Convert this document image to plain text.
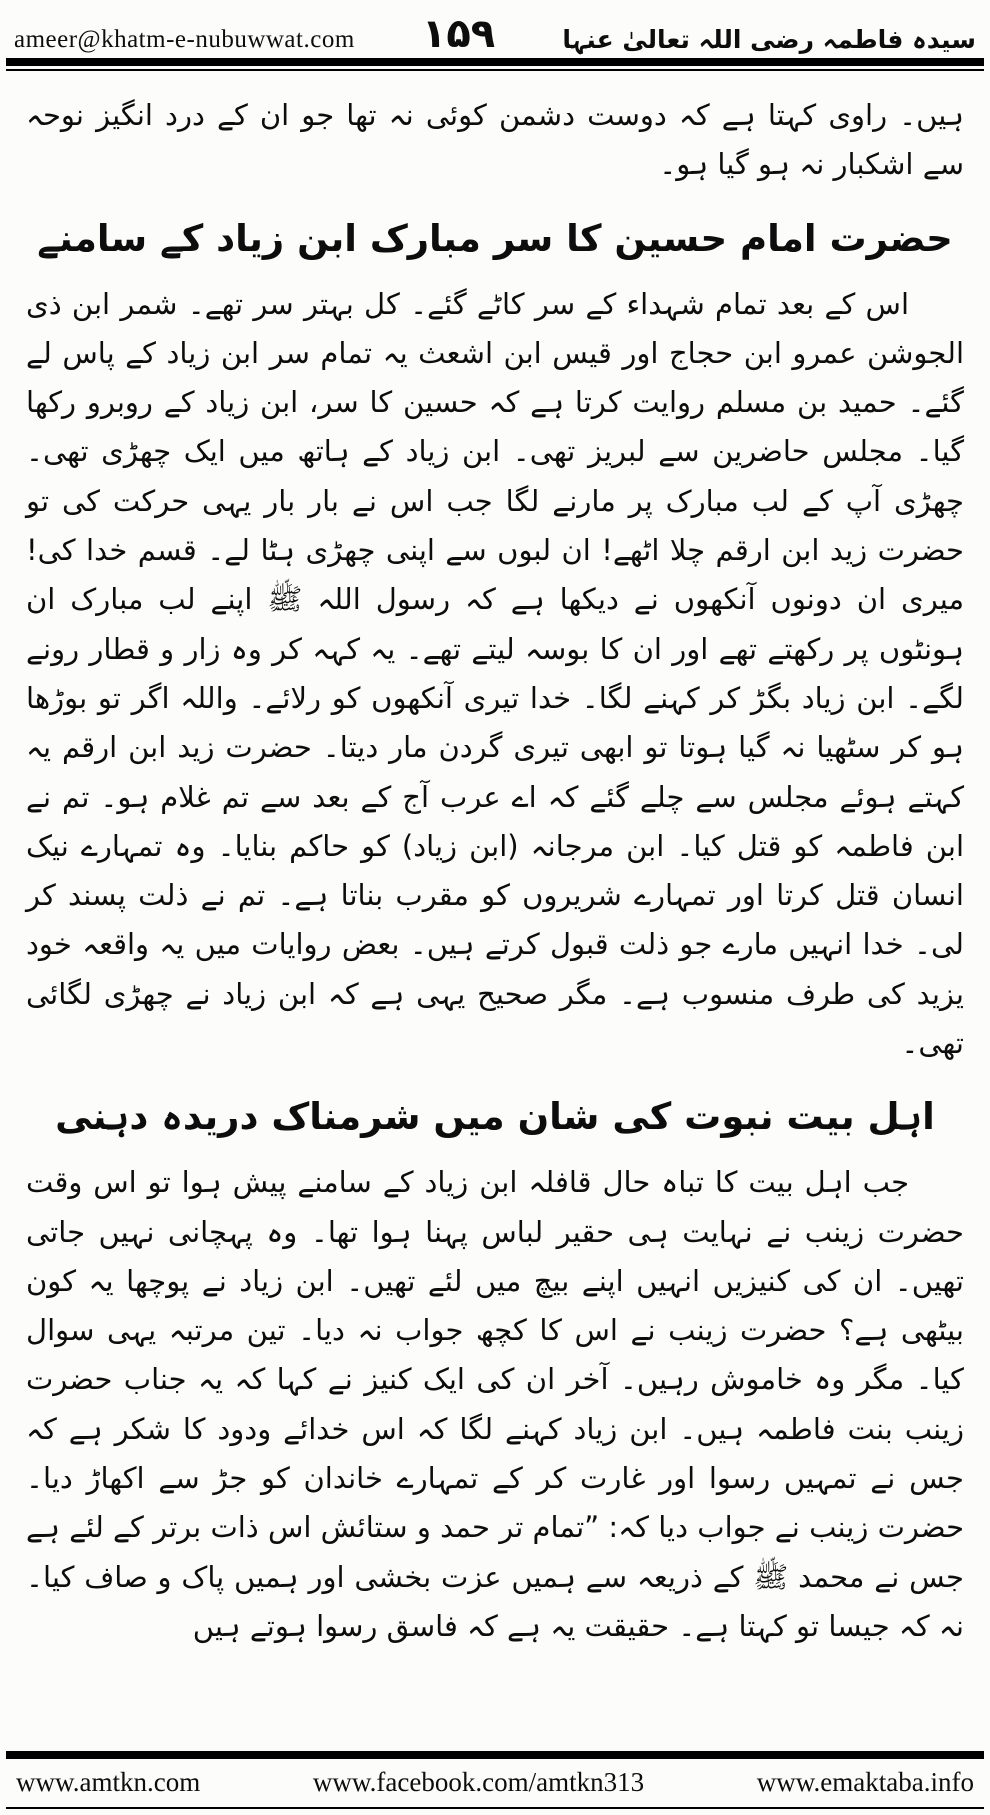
ameer@khatm-e-nubuwwat.com ۱۵۹	سیدہ فاطمہ رضی اللہ تعالیٰ عنہا

ہیں۔ راوی کہتا ہے کہ دوست دشمن کوئی نہ تھا جو ان کے درد انگیز نوحہ سے اشکبار نہ ہو گیا ہو۔

حضرت امام حسین کا سر مبارک ابن زیاد کے سامنے

اس کے بعد تمام شہداء کے سر کاٹے گئے۔ کل بہتر سر تھے۔ شمر ابن ذی الجوشن عمرو ابن حجاج اور قیس ابن اشعث یہ تمام سر ابن زیاد کے پاس لے گئے۔ حمید بن مسلم روایت کرتا ہے کہ حسین کا سر، ابن زیاد کے روبرو رکھا گیا۔ مجلس حاضرین سے لبریز تھی۔ ابن زیاد کے ہاتھ میں ایک چھڑی تھی۔ چھڑی آپ کے لب مبارک پر مارنے لگا جب اس نے بار بار یہی حرکت کی تو حضرت زید ابن ارقم چلا اٹھے! ان لبوں سے اپنی چھڑی ہٹا لے۔ قسم خدا کی! میری ان دونوں آنکھوں نے دیکھا ہے کہ رسول اللہ ﷺ اپنے لب مبارک ان ہونٹوں پر رکھتے تھے اور ان کا بوسہ لیتے تھے۔ یہ کہہ کر وہ زار و قطار رونے لگے۔ ابن زیاد بگڑ کر کہنے لگا۔ خدا تیری آنکھوں کو رلائے۔ واللہ اگر تو بوڑھا ہو کر سٹھیا نہ گیا ہوتا تو ابھی تیری گردن مار دیتا۔ حضرت زید ابن ارقم یہ کہتے ہوئے مجلس سے چلے گئے کہ اے عرب آج کے بعد سے تم غلام ہو۔ تم نے ابن فاطمہ کو قتل کیا۔ ابن مرجانہ (ابن زیاد) کو حاکم بنایا۔ وہ تمہارے نیک انسان قتل کرتا اور تمہارے شریروں کو مقرب بناتا ہے۔ تم نے ذلت پسند کر لی۔ خدا انہیں مارے جو ذلت قبول کرتے ہیں۔ بعض روایات میں یہ واقعہ خود یزید کی طرف منسوب ہے۔ مگر صحیح یہی ہے کہ ابن زیاد نے چھڑی لگائی تھی۔

اہل بیت نبوت کی شان میں شرمناک دریدہ دہنی

جب اہل بیت کا تباہ حال قافلہ ابن زیاد کے سامنے پیش ہوا تو اس وقت حضرت زینب نے نہایت ہی حقیر لباس پہنا ہوا تھا۔ وہ پہچانی نہیں جاتی تھیں۔ ان کی کنیزیں انہیں اپنے بیچ میں لئے تھیں۔ ابن زیاد نے پوچھا یہ کون بیٹھی ہے؟ حضرت زینب نے اس کا کچھ جواب نہ دیا۔ تین مرتبہ یہی سوال کیا۔ مگر وہ خاموش رہیں۔ آخر ان کی ایک کنیز نے کہا کہ یہ جناب حضرت زینب بنت فاطمہ ہیں۔ ابن زیاد کہنے لگا کہ اس خدائے ودود کا شکر ہے کہ جس نے تمہیں رسوا اور غارت کر کے تمہارے خاندان کو جڑ سے اکھاڑ دیا۔ حضرت زینب نے جواب دیا کہ: ”تمام تر حمد و ستائش اس ذات برتر کے لئے ہے جس نے محمد ﷺ کے ذریعہ سے ہمیں عزت بخشی اور ہمیں پاک و صاف کیا۔ نہ کہ جیسا تو کہتا ہے۔ حقیقت یہ ہے کہ فاسق رسوا ہوتے ہیں

www.amtkn.com	www.facebook.com/amtkn313	www.emaktaba.info
